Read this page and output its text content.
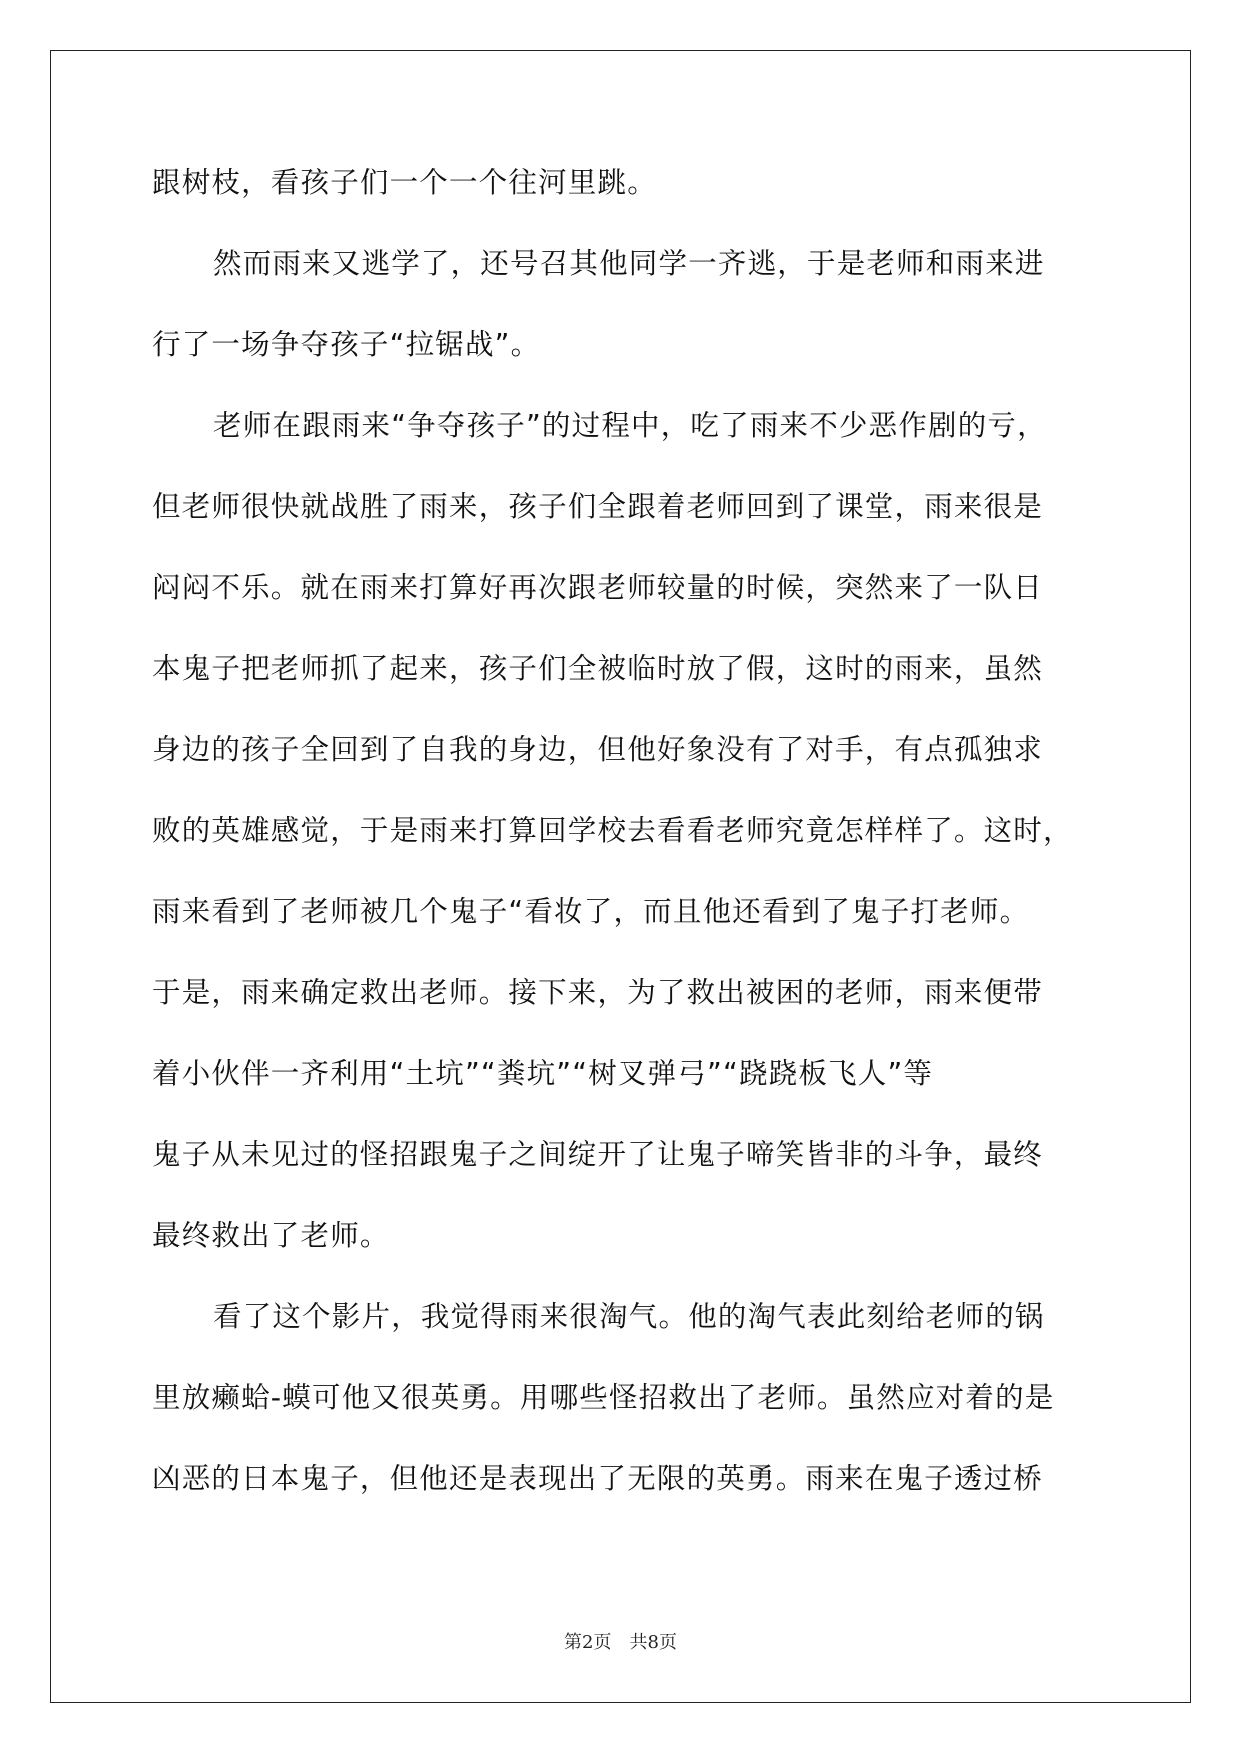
跟树枝，看孩子们一个一个往河里跳。
然而雨来又逃学了，还号召其他同学一齐逃，于是老师和雨来进
行了一场争夺孩子“拉锯战”。
老师在跟雨来“争夺孩子”的过程中，吃了雨来不少恶作剧的亏，
但老师很快就战胜了雨来，孩子们全跟着老师回到了课堂，雨来很是
闷闷不乐。就在雨来打算好再次跟老师较量的时候，突然来了一队日
本鬼子把老师抓了起来，孩子们全被临时放了假，这时的雨来，虽然
身边的孩子全回到了自我的身边，但他好象没有了对手，有点孤独求
败的英雄感觉，于是雨来打算回学校去看看老师究竟怎样样了。这时，
雨来看到了老师被几个鬼子“看妆了，而且他还看到了鬼子打老师。
于是，雨来确定救出老师。接下来，为了救出被困的老师，雨来便带
着小伙伴一齐利用“土坑”“粪坑”“树叉弹弓”“跷跷板飞人”等
鬼子从未见过的怪招跟鬼子之间绽开了让鬼子啼笑皆非的斗争，最终
最终救出了老师。
看了这个影片，我觉得雨来很淘气。他的淘气表此刻给老师的锅
里放癞蛤-蟆可他又很英勇。用哪些怪招救出了老师。虽然应对着的是
凶恶的日本鬼子，但他还是表现出了无限的英勇。雨来在鬼子透过桥
第2页 共8页
